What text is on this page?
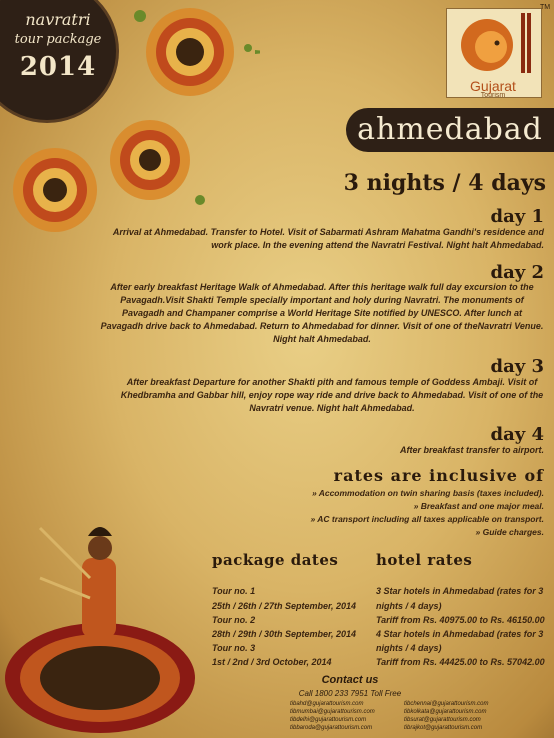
navratri
tour package
2014
TM
Gujarat
Tourism
ahmedabad
3 nights / 4 days
day 1
Arrival at Ahmedabad. Transfer to Hotel. Visit of Sabarmati Ashram Mahatma Gandhi's residence and work place. In the evening attend the Navratri Festival. Night halt Ahmedabad.
day 2
After early breakfast Heritage Walk of Ahmedabad. After this heritage walk full day excursion to the Pavagadh.Visit Shakti Temple specially important and holy during Navratri. The monuments of Pavagadh and Champaner comprise a World Heritage Site notified by UNESCO. After lunch at Pavagadh drive back to Ahmedabad. Return to Ahmedabad for dinner. Visit of one of theNavratri Venue. Night halt Ahmedabad.
day 3
After breakfast Departure for another Shakti pith and famous temple of Goddess Ambaji. Visit of Khedbramha and Gabbar hill, enjoy rope way ride and drive back to Ahmedabad. Visit of one of the Navratri venue. Night halt Ahmedabad.
day 4
After breakfast transfer to airport.
rates are inclusive of
» Accommodation on twin sharing basis (taxes included).
» Breakfast and one major meal.
» AC transport including all taxes applicable on transport.
» Guide charges.
package dates
Tour no. 1
25th / 26th / 27th September, 2014
Tour no. 2
28th / 29th / 30th September, 2014
Tour no. 3
1st / 2nd / 3rd October, 2014
hotel rates
3 Star hotels in Ahmedabad (rates for 3
nights / 4 days)
Tariff from Rs. 40975.00 to Rs. 46150.00
4 Star hotels in Ahmedabad (rates for 3
nights / 4 days)
Tariff from Rs. 44425.00 to Rs. 57042.00
Contact us
Call 1800 233 7951 Toll Free
tibahd@gujarattourism.com
tibmumbai@gujarattourism.com
tibdelhi@gujarattourism.com
tibbaroda@gujarattourism.com
tibchennai@gujarattourism.com
tibkolkata@gujarattourism.com
tibsurat@gujarattourism.com
tibrajkot@gujarattourism.com
